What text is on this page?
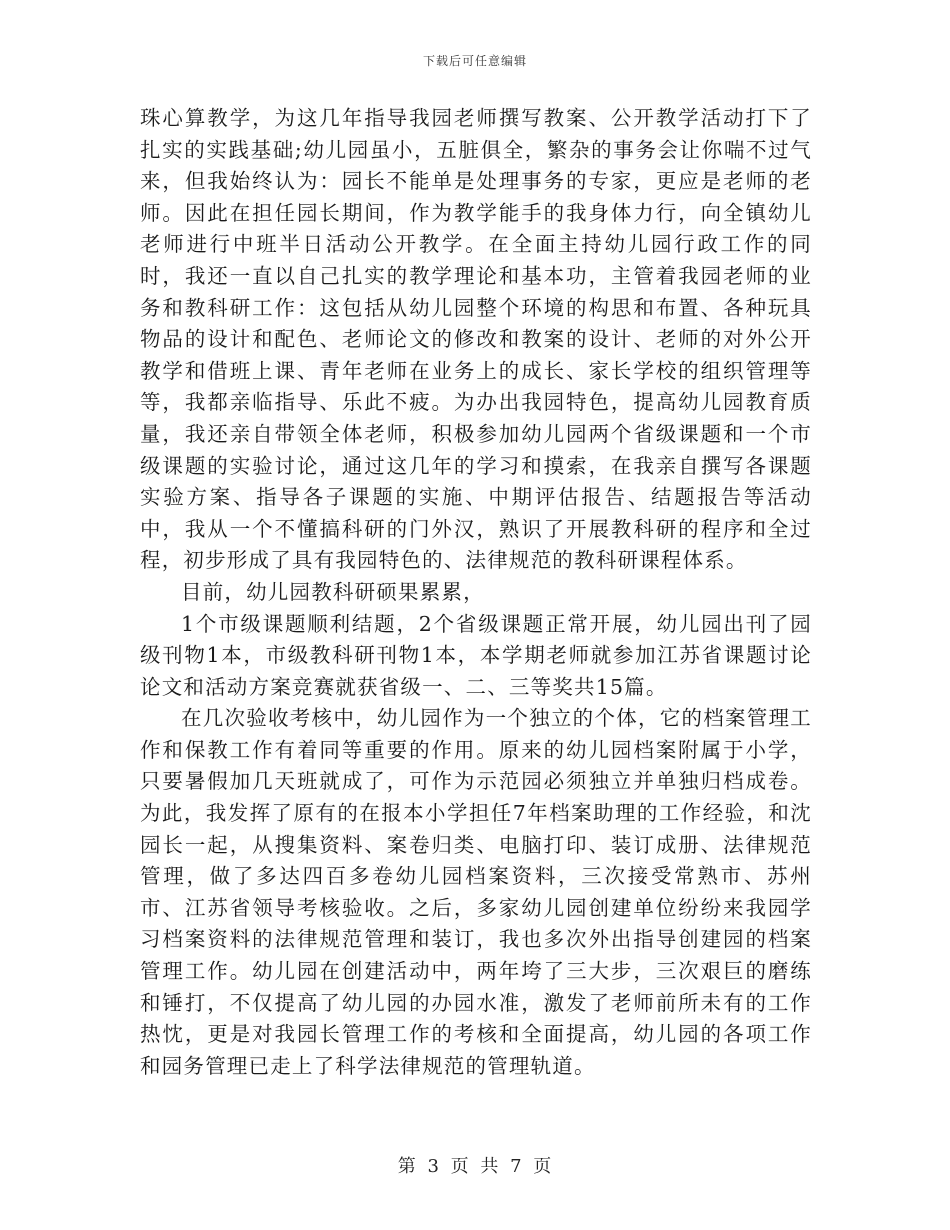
下载后可任意编辑

珠心算教学，为这几年指导我园老师撰写教案、公开教学活动打下了扎实的实践基础;幼儿园虽小，五脏俱全，繁杂的事务会让你喘不过气来，但我始终认为：园长不能单是处理事务的专家，更应是老师的老师。因此在担任园长期间，作为教学能手的我身体力行，向全镇幼儿老师进行中班半日活动公开教学。在全面主持幼儿园行政工作的同时，我还一直以自己扎实的教学理论和基本功，主管着我园老师的业务和教科研工作：这包括从幼儿园整个环境的构思和布置、各种玩具物品的设计和配色、老师论文的修改和教案的设计、老师的对外公开教学和借班上课、青年老师在业务上的成长、家长学校的组织管理等等，我都亲临指导、乐此不疲。为办出我园特色，提高幼儿园教育质量，我还亲自带领全体老师，积极参加幼儿园两个省级课题和一个市级课题的实验讨论，通过这几年的学习和摸索，在我亲自撰写各课题实验方案、指导各子课题的实施、中期评估报告、结题报告等活动中，我从一个不懂搞科研的门外汉，熟识了开展教科研的程序和全过程，初步形成了具有我园特色的、法律规范的教科研课程体系。

目前，幼儿园教科研硕果累累，

1个市级课题顺利结题，2个省级课题正常开展，幼儿园出刊了园级刊物1本，市级教科研刊物1本，本学期老师就参加江苏省课题讨论论文和活动方案竞赛就获省级一、二、三等奖共15篇。

在几次验收考核中，幼儿园作为一个独立的个体，它的档案管理工作和保教工作有着同等重要的作用。原来的幼儿园档案附属于小学，只要暑假加几天班就成了，可作为示范园必须独立并单独归档成卷。为此，我发挥了原有的在报本小学担任7年档案助理的工作经验，和沈园长一起，从搜集资料、案卷归类、电脑打印、装订成册、法律规范管理，做了多达四百多卷幼儿园档案资料，三次接受常熟市、苏州市、江苏省领导考核验收。之后，多家幼儿园创建单位纷纷来我园学习档案资料的法律规范管理和装订，我也多次外出指导创建园的档案管理工作。幼儿园在创建活动中，两年垮了三大步，三次艰巨的磨练和锤打，不仅提高了幼儿园的办园水准，激发了老师前所未有的工作热忱，更是对我园长管理工作的考核和全面提高，幼儿园的各项工作和园务管理已走上了科学法律规范的管理轨道。

第 3 页 共 7 页
